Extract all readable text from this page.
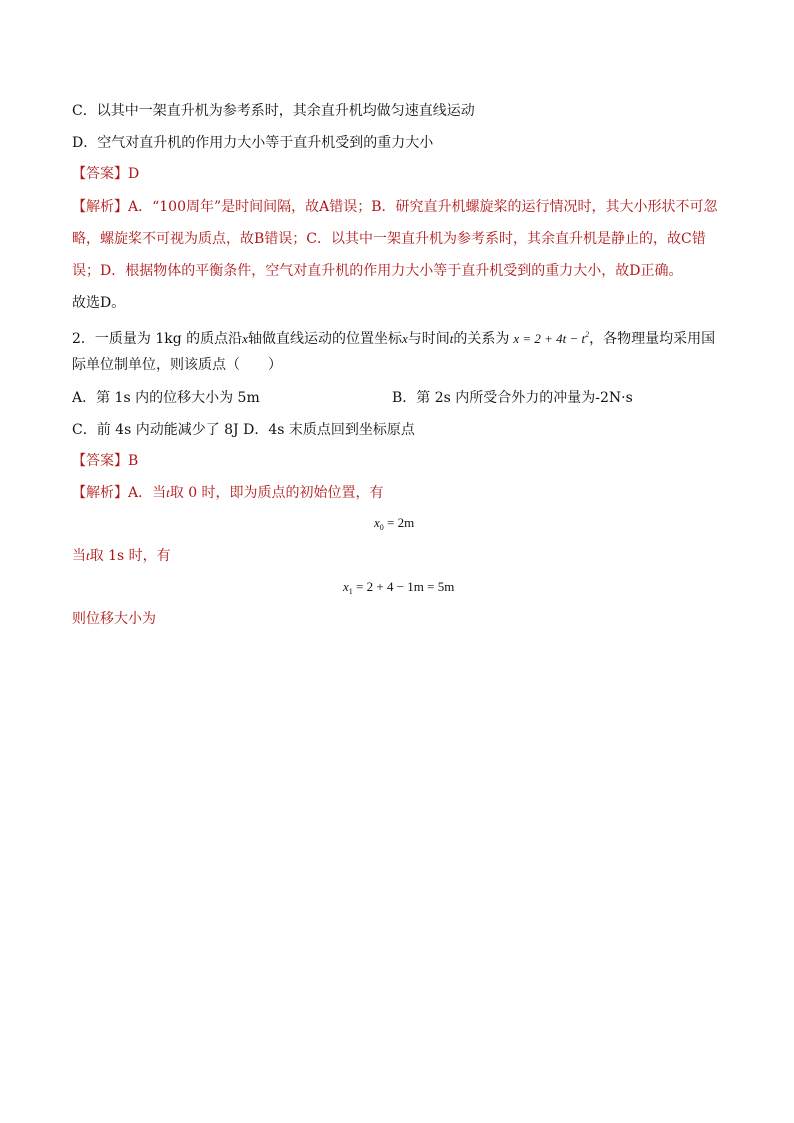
C．以其中一架直升机为参考系时，其余直升机均做匀速直线运动
D．空气对直升机的作用力大小等于直升机受到的重力大小
【答案】D
【解析】A．“100周年”是时间间隔，故A错误；B．研究直升机螺旋桨的运行情况时，其大小形状不可忽
略，螺旋桨不可视为质点，故B错误；C．以其中一架直升机为参考系时，其余直升机是静止的，故C错
误；D．根据物体的平衡条件，空气对直升机的作用力大小等于直升机受到的重力大小，故D正确。
故选D。
2．一质量为 1kg 的质点沿x轴做直线运动的位置坐标x与时间t的关系为 $x = 2 + 4t - t^2$，各物理量均采用国
际单位制单位，则该质点（　　）
A．第 1s 内的位移大小为 5m	B．第 2s 内所受合外力的冲量为-2N·s
C．前 4s 内动能减少了 8J D．4s 末质点回到坐标原点
【答案】B
【解析】A．当t取 0 时，即为质点的初始位置，有
$x_0 = 2m$
当t取 1s 时，有
$x_1 = 2 + 4 - 1m = 5m$
则位移大小为
